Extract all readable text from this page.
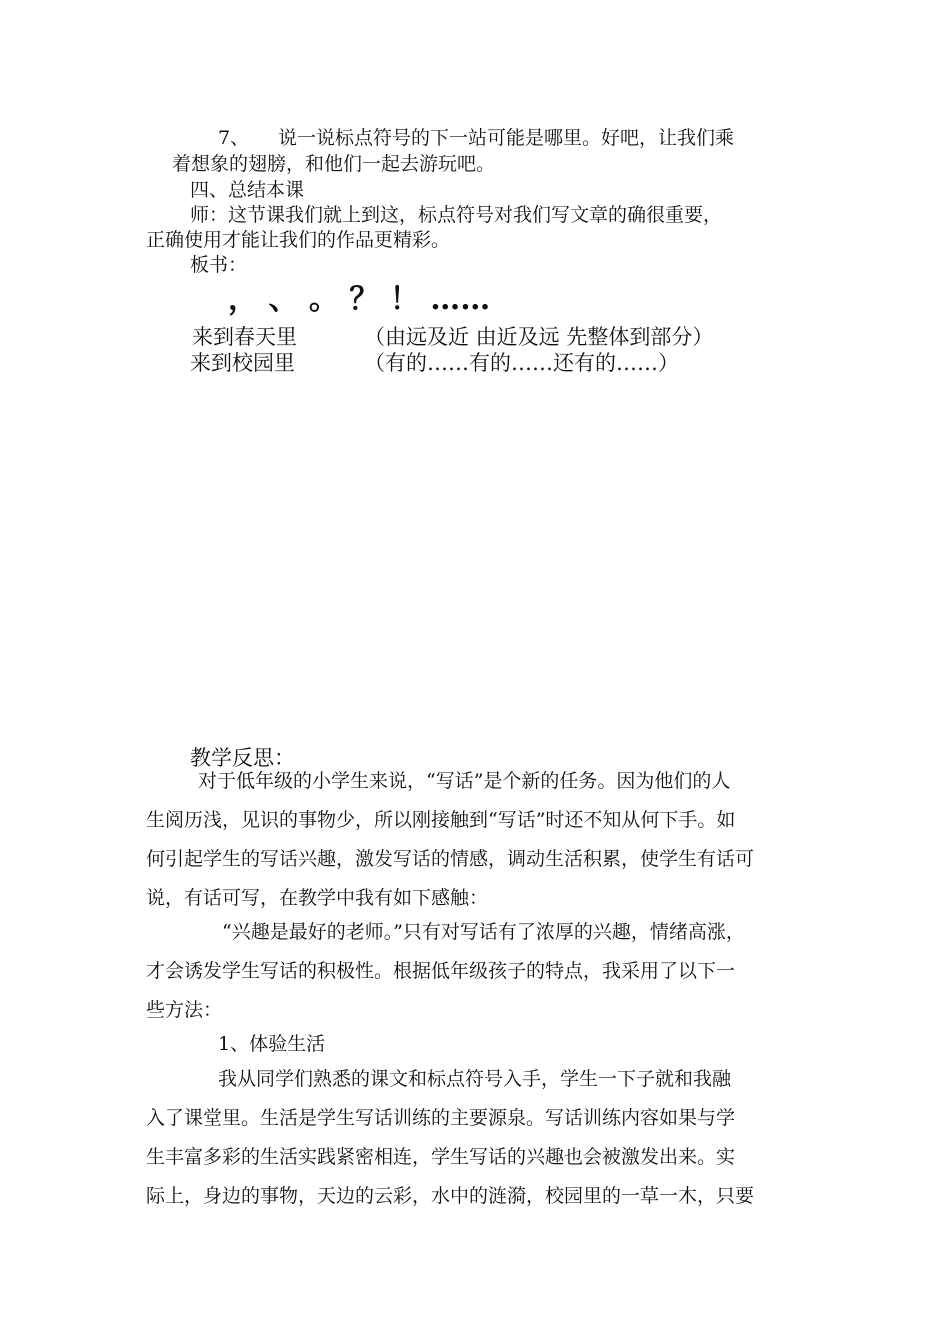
7、 说一说标点符号的下一站可能是哪里。好吧，让我们乘
着想象的翅膀，和他们一起去游玩吧。
四、总结本课
师：这节课我们就上到这，标点符号对我们写文章的确很重要，
正确使用才能让我们的作品更精彩。
板书：
， 、 。 ？ ！ ……
来到春天里	（由远及近 由近及远 先整体到部分）
来到校园里	（有的……有的……还有的……）
教学反思：
对于低年级的小学生来说，“写话”是个新的任务。因为他们的人
生阅历浅，见识的事物少，所以刚接触到“写话”时还不知从何下手。如
何引起学生的写话兴趣，激发写话的情感，调动生活积累，使学生有话可
说，有话可写，在教学中我有如下感触：
“兴趣是最好的老师。”只有对写话有了浓厚的兴趣，情绪高涨，
才会诱发学生写话的积极性。根据低年级孩子的特点，我采用了以下一
些方法：
1、体验生活
我从同学们熟悉的课文和标点符号入手，学生一下子就和我融
入了课堂里。生活是学生写话训练的主要源泉。写话训练内容如果与学
生丰富多彩的生活实践紧密相连，学生写话的兴趣也会被激发出来。实
际上，身边的事物，天边的云彩，水中的涟漪，校园里的一草一木，只要
